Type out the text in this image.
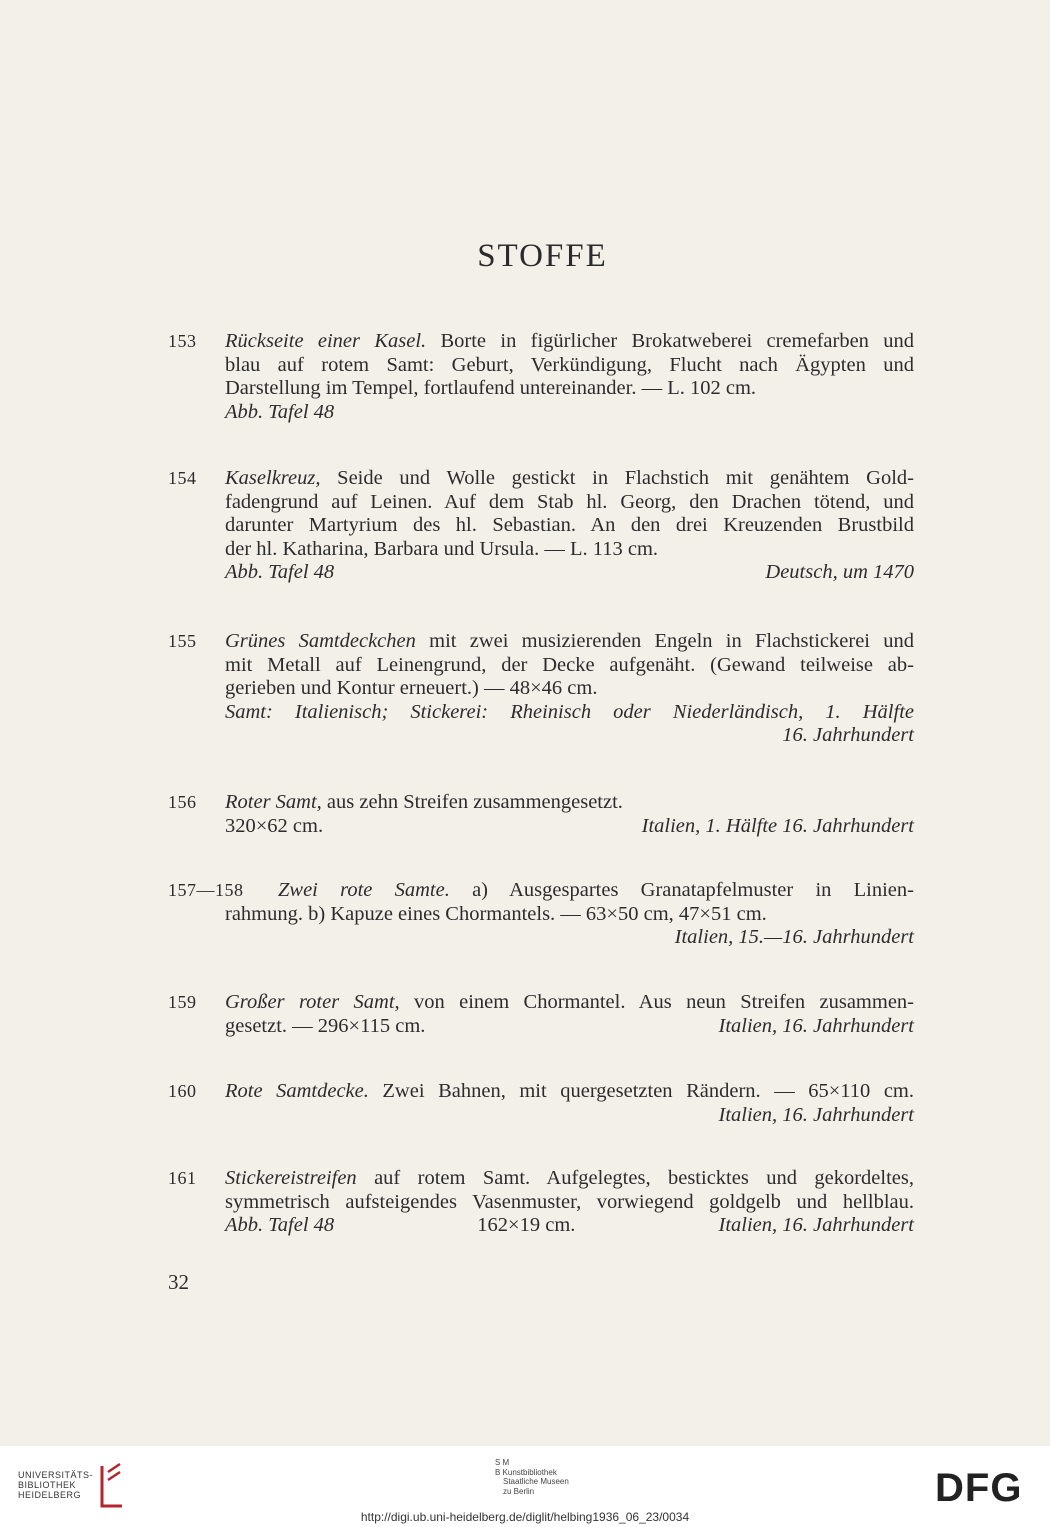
STOFFE
153 Rückseite einer Kasel. Borte in figürlicher Brokatweberei cremefarben und
blau auf rotem Samt: Geburt, Verkündigung, Flucht nach Ägypten und
Darstellung im Tempel, fortlaufend untereinander. — L. 102 cm.
Abb. Tafel 48
154 Kaselkreuz, Seide und Wolle gestickt in Flachstich mit genähtem Gold-
fadengrund auf Leinen. Auf dem Stab hl. Georg, den Drachen tötend, und
darunter Martyrium des hl. Sebastian. An den drei Kreuzenden Brustbild
der hl. Katharina, Barbara und Ursula. — L. 113 cm.
Abb. Tafel 48	Deutsch, um 1470
155 Grünes Samtdeckchen mit zwei musizierenden Engeln in Flachstickerei und
mit Metall auf Leinengrund, der Decke aufgenäht. (Gewand teilweise ab-
gerieben und Kontur erneuert.) — 48×46 cm.
Samt: Italienisch; Stickerei: Rheinisch oder Niederländisch, 1. Hälfte
16. Jahrhundert
156 Roter Samt, aus zehn Streifen zusammengesetzt.
320×62 cm.	Italien, 1. Hälfte 16. Jahrhundert
157—158 Zwei rote Samte. a) Ausgespartes Granatapfelmuster in Linien-
rahmung. b) Kapuze eines Chormantels. — 63×50 cm, 47×51 cm.
Italien, 15.—16. Jahrhundert
159 Großer roter Samt, von einem Chormantel. Aus neun Streifen zusammen-
gesetzt. — 296×115 cm.	Italien, 16. Jahrhundert
160 Rote Samtdecke. Zwei Bahnen, mit quergesetzten Rändern. — 65×110 cm.
Italien, 16. Jahrhundert
161 Stickereistreifen auf rotem Samt. Aufgelegtes, besticktes und gekordeltes,
symmetrisch aufsteigendes Vasenmuster, vorwiegend goldgelb und hellblau.
Abb. Tafel 48	162×19 cm.	Italien, 16. Jahrhundert
32
UNIVERSITÄTS-
BIBLIOTHEK
HEIDELBERG
S M
B Kunstbibliothek
Staatliche Museen
zu Berlin	DFG
http://digi.ub.uni-heidelberg.de/diglit/helbing1936_06_23/0034
